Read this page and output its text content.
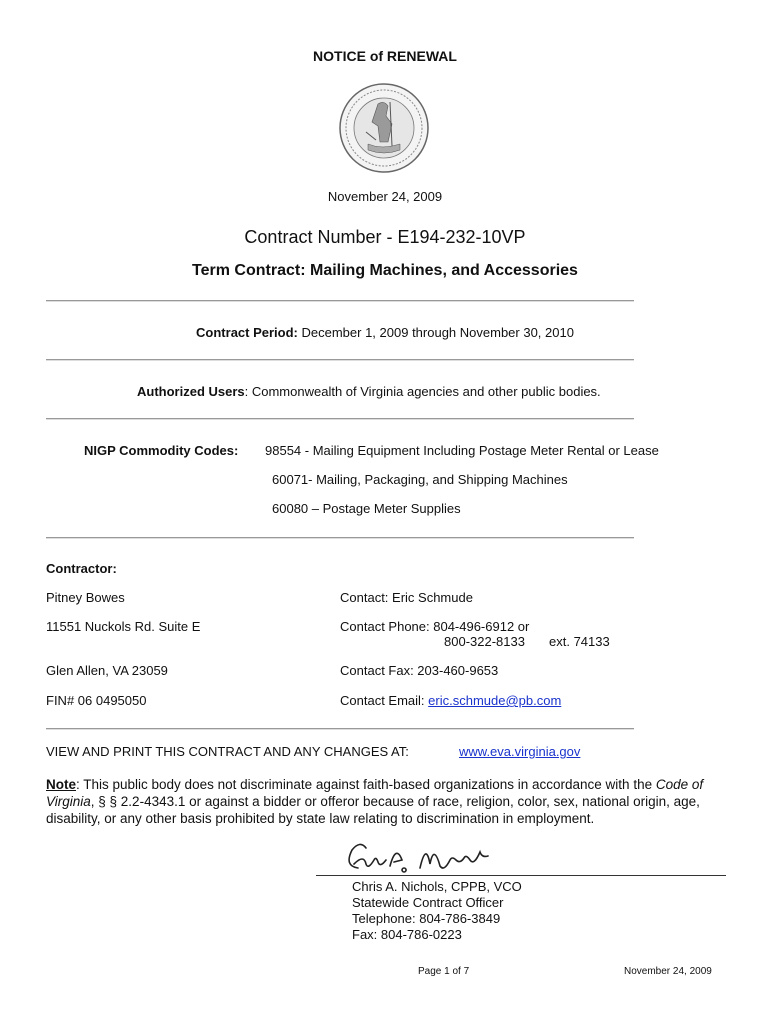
NOTICE of RENEWAL
November 24, 2009
Contract Number - E194-232-10VP
Term Contract: Mailing Machines, and Accessories
Contract Period: December 1, 2009 through November 30, 2010
Authorized Users: Commonwealth of Virginia agencies and other public bodies.
NIGP Commodity Codes: 98554 - Mailing Equipment Including Postage Meter Rental or Lease
60071- Mailing, Packaging, and Shipping Machines
60080 – Postage Meter Supplies
Contractor:
Pitney Bowes
11551 Nuckols Rd. Suite E
Glen Allen, VA 23059
FIN# 06 0495050
Contact: Eric Schmude
Contact Phone: 804-496-6912 or
800-322-8133 ext. 74133
Contact Fax: 203-460-9653
Contact Email: eric.schmude@pb.com
VIEW AND PRINT THIS CONTRACT AND ANY CHANGES AT:	www.eva.virginia.gov
Note: This public body does not discriminate against faith-based organizations in accordance with the Code of Virginia, § § 2.2-4343.1 or against a bidder or offeror because of race, religion, color, sex, national origin, age, disability, or any other basis prohibited by state law relating to discrimination in employment.
Chris A. Nichols, CPPB, VCO
Statewide Contract Officer
Telephone: 804-786-3849
Fax: 804-786-0223
Page 1 of 7	November 24, 2009
